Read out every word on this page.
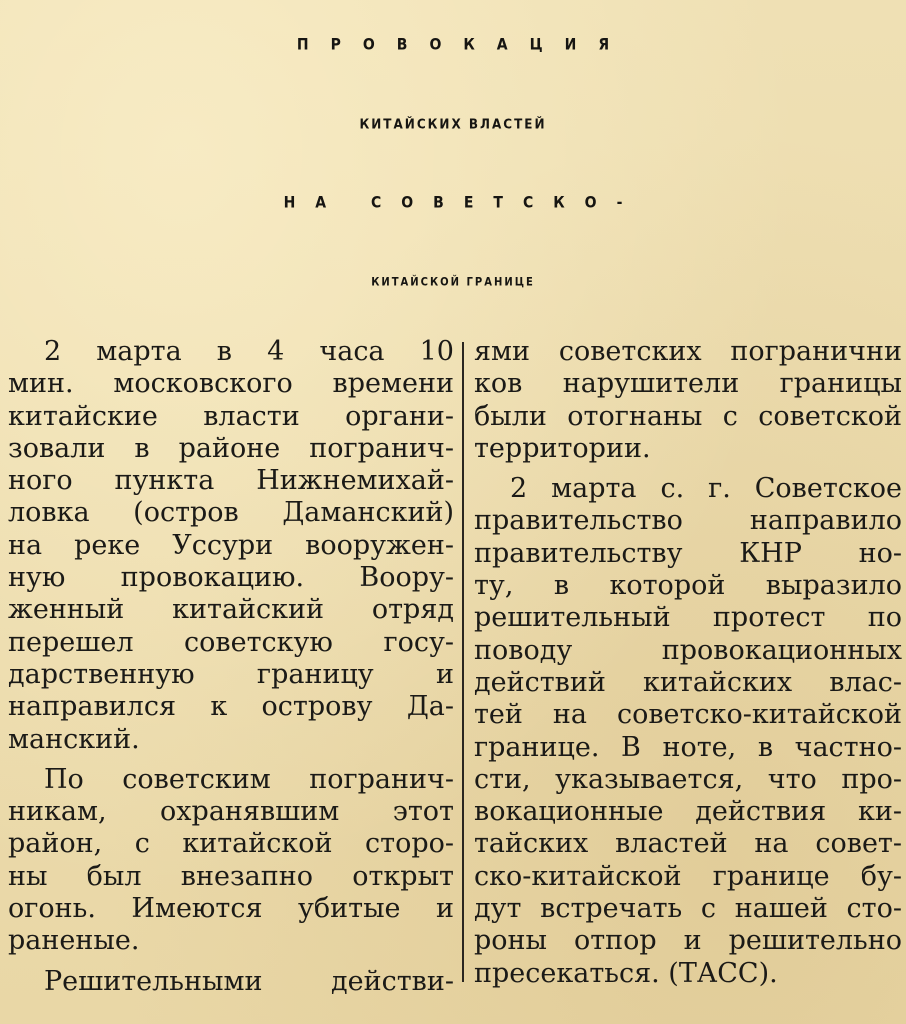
ПРОВОКАЦИЯ
КИТАЙСКИХ ВЛАСТЕЙ
НА СОВЕТСКО-
КИТАЙСКОЙ ГРАНИЦЕ

2 марта в 4 часа 10
мин. московского времени
китайские власти органи-
зовали в районе погранич-
ного пункта Нижнемихай-
ловка (остров Даманский)
на реке Уссури вооружен-
ную провокацию. Воору-
женный китайский отряд
перешел советскую госу-
дарственную границу и
направился к острову Да-
манский.

По советским погранич-
никам, охранявшим этот
район, с китайской сторо-
ны был внезапно открыт
огонь. Имеются убитые и
раненые.

Решительными действи-

ями советских погранични
ков нарушители границы
были отогнаны с советской
территории.

2 марта с. г. Советское
правительство направило
правительству КНР но-
ту, в которой выразило
решительный протест по
поводу провокационных
действий китайских влас-
тей на советско-китайской
границе. В ноте, в частно-
сти, указывается, что про-
вокационные действия ки-
тайских властей на совет-
ско-китайской границе бу-
дут встречать с нашей сто-
роны отпор и решительно
пресекаться. (ТАСС).
